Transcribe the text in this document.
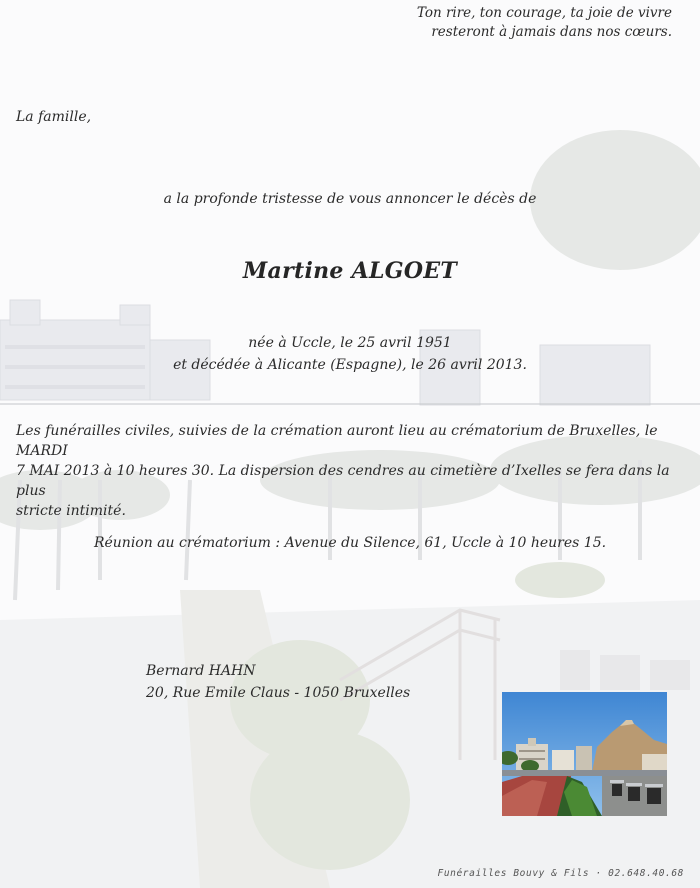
Ton rire, ton courage, ta joie de vivre
resteront à jamais dans nos cœurs.
La famille,
a la profonde tristesse de vous annoncer le décès de
Martine ALGOET
née à Uccle, le 25 avril 1951
et décédée à Alicante (Espagne), le 26 avril 2013.
Les funérailles civiles, suivies de la crémation auront lieu au crématorium de Bruxelles, le MARDI
7 MAI 2013 à 10 heures 30. La dispersion des cendres au cimetière d’Ixelles se fera dans la plus
stricte intimité.
Réunion au crématorium : Avenue du Silence, 61, Uccle à 10 heures 15.
Bernard HAHN
20, Rue Emile Claus - 1050 Bruxelles
Funérailles Bouvy & Fils · 02.648.40.68
